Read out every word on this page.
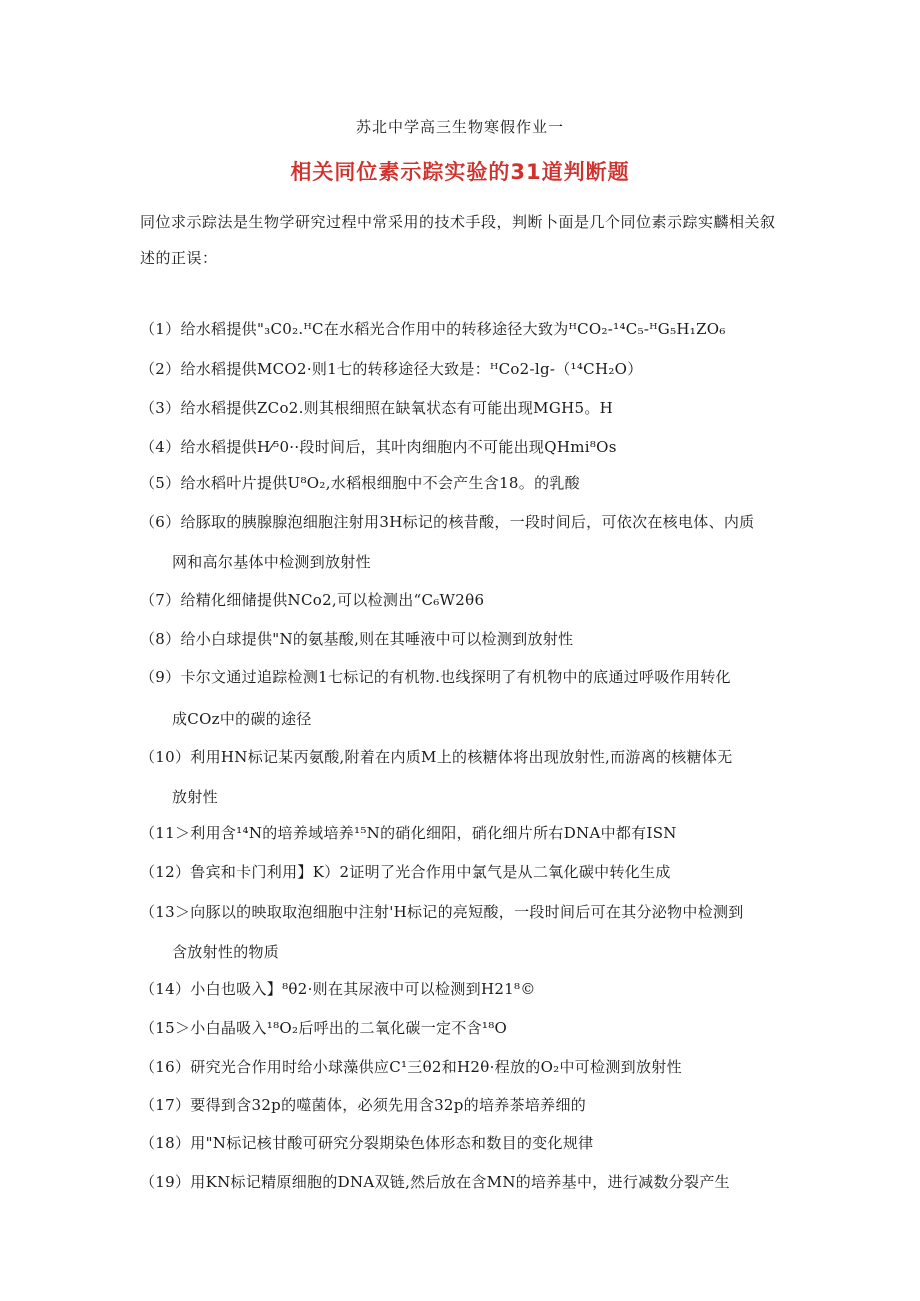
苏北中学高三生物寒假作业一
相关同位素示踪实验的31道判断题
同位求示踪法是生物学研究过程中常采用的技术手段，判断卜面是几个同位素示踪实麟相关叙述的正误：
（1）给水稻提供"₃C0₂.ᴴC在水稻光合作用中的转移途径大致为ᴴCO₂-¹⁴C₅-ᴴG₅H₁ZO₆
（2）给水稻提供MCO2·则1七的转移途径大致是：ᴴCo2-lg-（¹⁴CH₂O）
（3）给水稻提供ZCo2.则其根细照在缺氧状态有可能出现MGH5。H
（4）给水稻提供H⁄⁵0··段时间后，其叶肉细胞内不可能出现QHmi⁸Os
（5）给水稻叶片提供U⁸O₂,水稻根细胞中不会产生含18。的乳酸
（6）给豚取的胰腺腺泡细胞注射用3H标记的核昔酸，一段时间后，可依次在核电体、内质
网和高尔基体中检测到放射性
（7）给精化细储提供NCo2,可以检测出“C₆W2θ6
（8）给小白球提供"N的氨基酸,则在其唾液中可以检测到放射性
（9）卡尔文通过追踪检测1七标记的有机物.也线探明了有机物中的底通过呼吸作用转化
成COz中的碳的途径
（10）利用HN标记某丙氨酸,附着在内质M上的核糖体将出现放射性,而游离的核糖体无
放射性
（11＞利用含¹⁴N的培养域培养¹⁵N的硝化细阳，硝化细片所右DNA中都有ISN
（12）鲁宾和卡门利用】K）2证明了光合作用中氯气是从二氧化碳中转化生成
（13＞向豚以的映取取泡细胞中注射'H标记的亮短酸，一段时间后可在其分泌物中检测到
含放射性的物质
（14）小白也吸入】⁸θ2·则在其尿液中可以检测到H21⁸©
（15＞小白晶吸入¹⁸O₂后呼出的二氧化碳一定不含¹⁸O
（16）研究光合作用时给小球藻供应C¹三θ2和H2θ·程放的O₂中可检测到放射性
（17）要得到含32p的噬菌体，必须先用含32p的培养茶培养细的
（18）用"N标记核甘酸可研究分裂期染色体形态和数目的变化规律
（19）用KN标记精原细胞的DNA双链,然后放在含MN的培养基中，进行减数分裂产生
